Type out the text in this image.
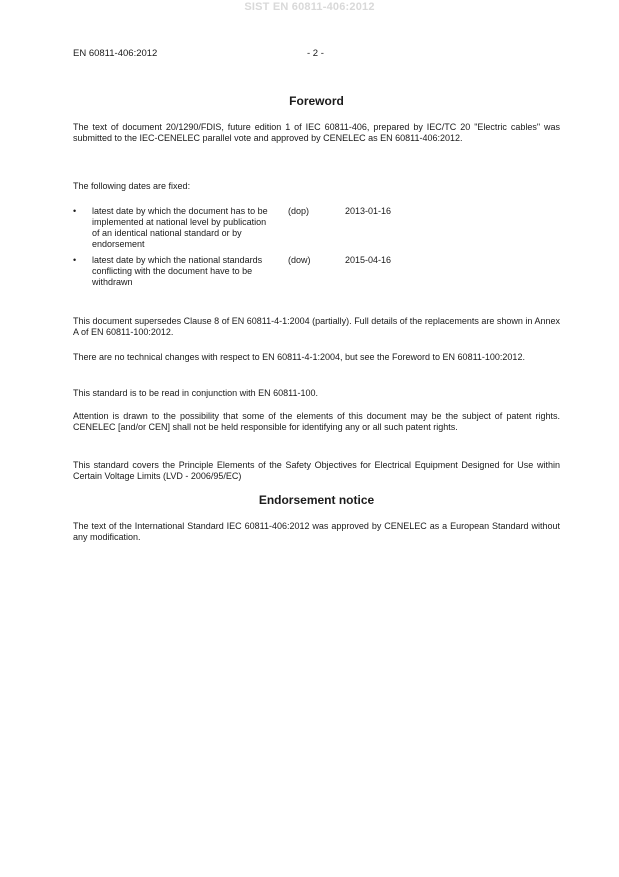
SIST EN 60811-406:2012
EN 60811-406:2012	- 2 -
Foreword

The text of document 20/1290/FDIS, future edition 1 of IEC 60811-406, prepared by IEC/TC 20 "Electric cables" was submitted to the IEC-CENELEC parallel vote and approved by CENELEC as EN 60811-406:2012.

The following dates are fixed:

• latest date by which the document has to be implemented at national level by publication of an identical national standard or by endorsement
(dop)	2013-01-16
• latest date by which the national standards conflicting with the document have to be withdrawn
(dow)	2015-04-16

This document supersedes Clause 8 of EN 60811-4-1:2004 (partially). Full details of the replacements are shown in Annex A of EN 60811-100:2012.

There are no technical changes with respect to EN 60811-4-1:2004, but see the Foreword to EN 60811-100:2012.

This standard is to be read in conjunction with EN 60811-100.

Attention is drawn to the possibility that some of the elements of this document may be the subject of patent rights. CENELEC [and/or CEN] shall not be held responsible for identifying any or all such patent rights.

This standard covers the Principle Elements of the Safety Objectives for Electrical Equipment Designed for Use within Certain Voltage Limits (LVD - 2006/95/EC)

Endorsement notice

The text of the International Standard IEC 60811-406:2012 was approved by CENELEC as a European Standard without any modification.
